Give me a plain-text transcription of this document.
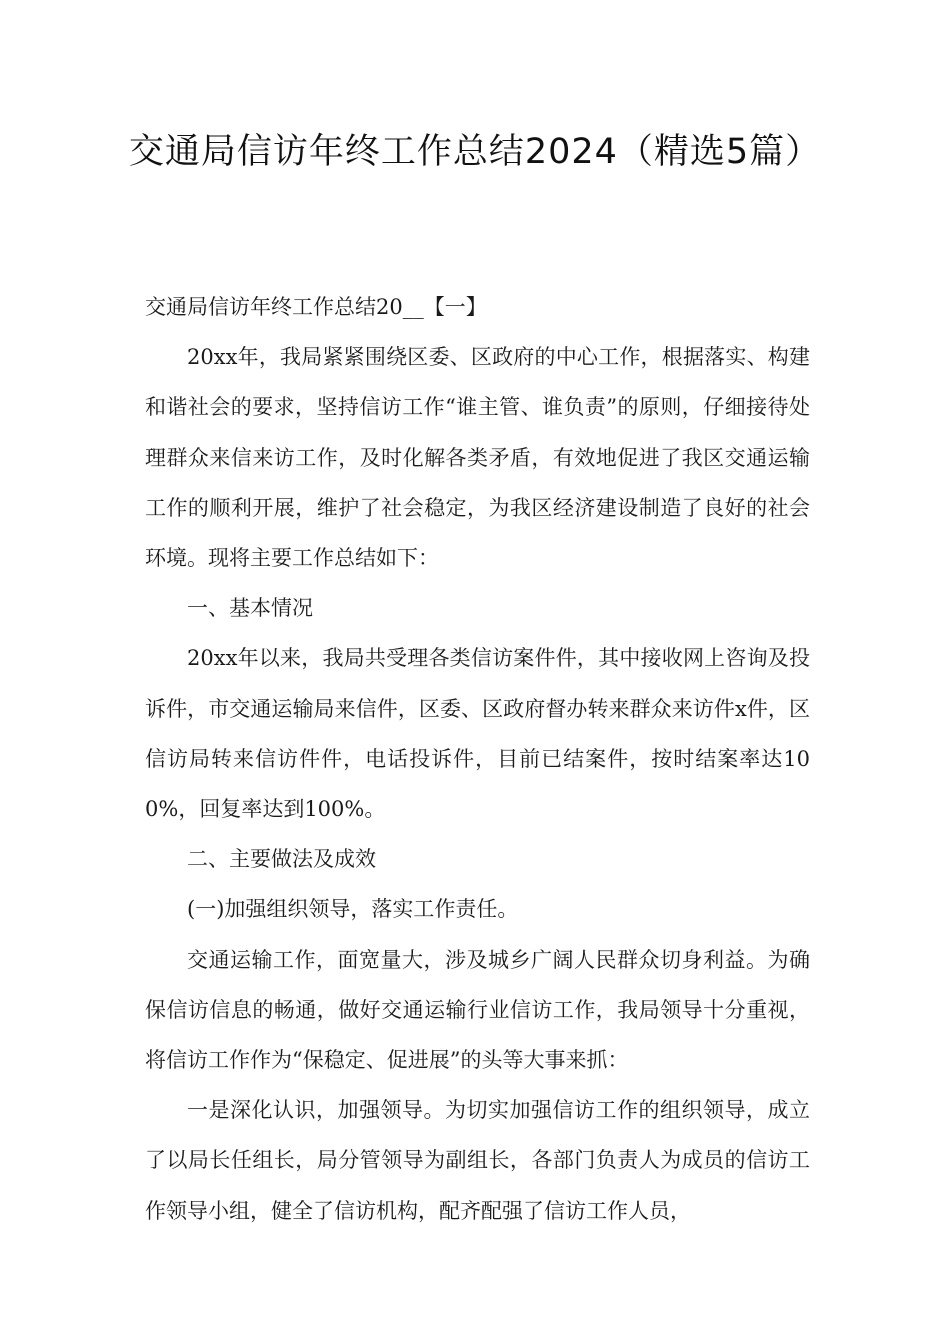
交通局信访年终工作总结2024（精选5篇）

交通局信访年终工作总结20__【一】

20xx年，我局紧紧围绕区委、区政府的中心工作，根据落实、构建和谐社会的要求，坚持信访工作“谁主管、谁负责”的原则，仔细接待处理群众来信来访工作，及时化解各类矛盾，有效地促进了我区交通运输工作的顺利开展，维护了社会稳定，为我区经济建设制造了良好的社会环境。现将主要工作总结如下：

一、基本情况

20xx年以来，我局共受理各类信访案件件，其中接收网上咨询及投诉件，市交通运输局来信件，区委、区政府督办转来群众来访件x件，区信访局转来信访件件，电话投诉件，目前已结案件，按时结案率达100%，回复率达到100%。

二、主要做法及成效

(一)加强组织领导，落实工作责任。

交通运输工作，面宽量大，涉及城乡广阔人民群众切身利益。为确保信访信息的畅通，做好交通运输行业信访工作，我局领导十分重视，将信访工作作为“保稳定、促进展”的头等大事来抓：

一是深化认识，加强领导。为切实加强信访工作的组织领导，成立了以局长任组长，局分管领导为副组长，各部门负责人为成员的信访工作领导小组，健全了信访机构，配齐配强了信访工作人员，
